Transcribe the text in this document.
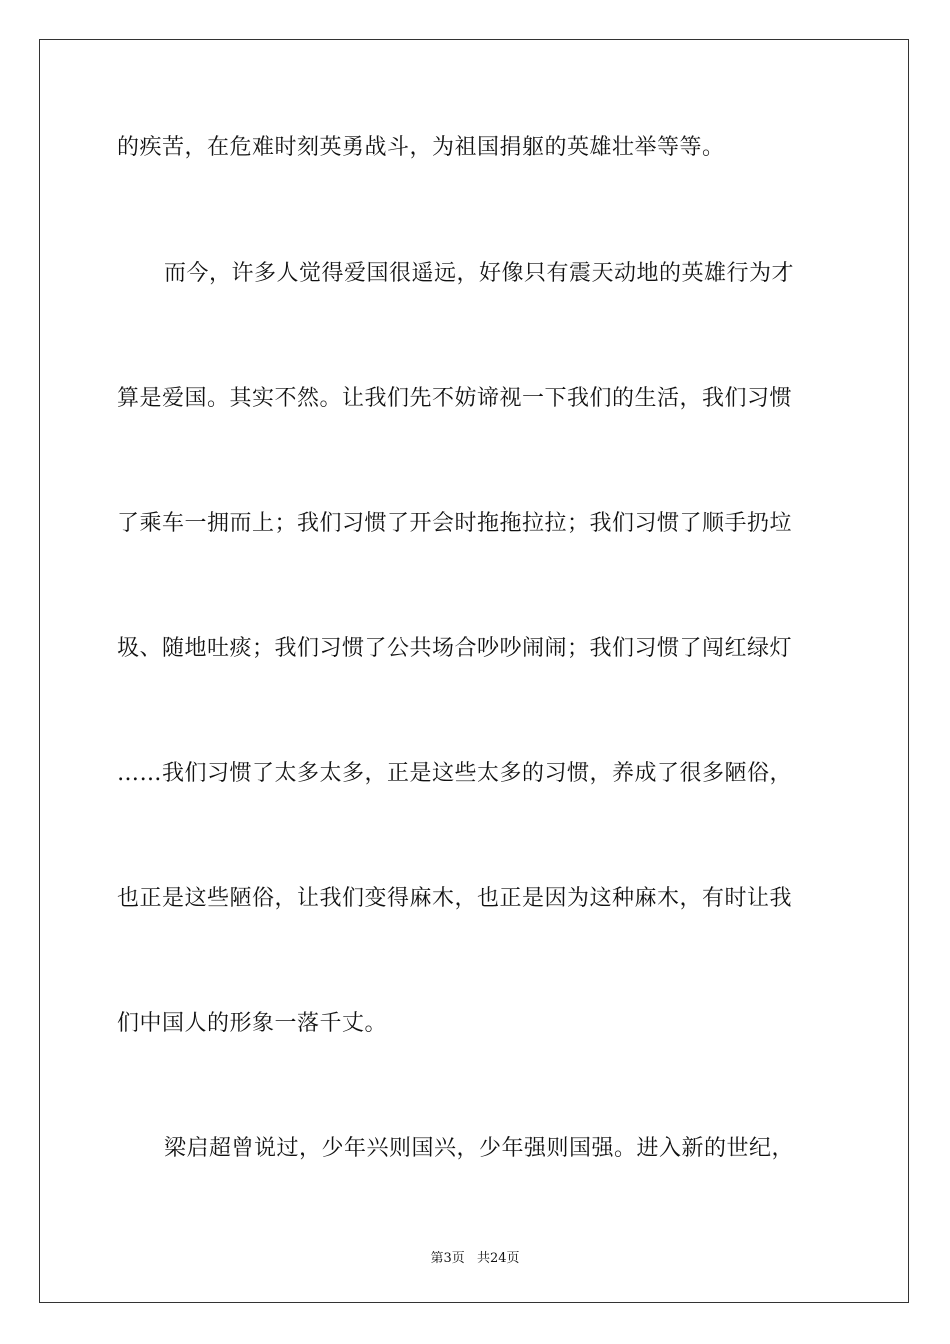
的疾苦，在危难时刻英勇战斗，为祖国捐躯的英雄壮举等等。
而今，许多人觉得爱国很遥远，好像只有震天动地的英雄行为才
算是爱国。其实不然。让我们先不妨谛视一下我们的生活，我们习惯
了乘车一拥而上；我们习惯了开会时拖拖拉拉；我们习惯了顺手扔垃
圾、随地吐痰；我们习惯了公共场合吵吵闹闹；我们习惯了闯红绿灯
……我们习惯了太多太多，正是这些太多的习惯，养成了很多陋俗，
也正是这些陋俗，让我们变得麻木，也正是因为这种麻木，有时让我
们中国人的形象一落千丈。
梁启超曾说过，少年兴则国兴，少年强则国强。进入新的世纪，
第3页 共24页
